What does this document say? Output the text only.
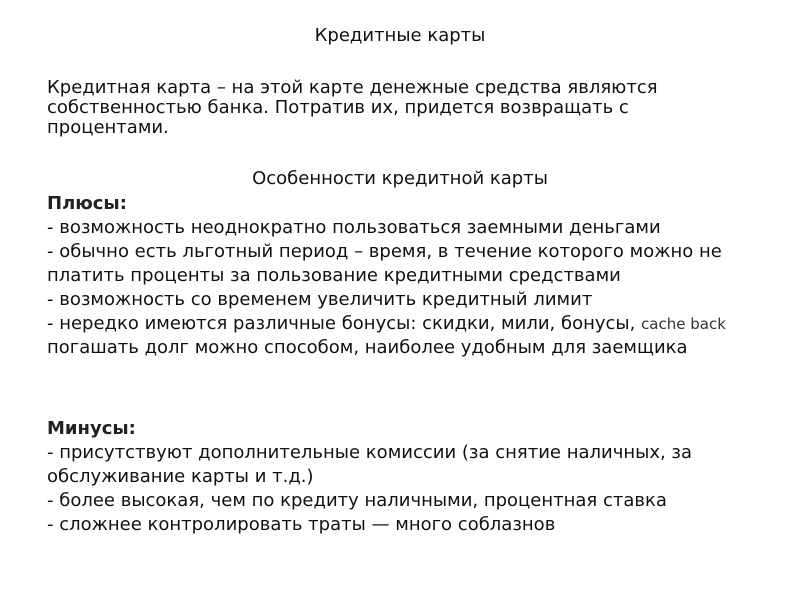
Кредитные карты
Кредитная карта – на этой карте денежные средства являются собственностью банка. Потратив их, придется возвращать с процентами.
Особенности кредитной карты
Плюсы:
- возможность неоднократно пользоваться заемными деньгами
- обычно есть льготный период – время, в течение которого можно не платить проценты за пользование кредитными средствами
- возможность со временем увеличить кредитный лимит
- нередко имеются различные бонусы: скидки, мили, бонусы, cache back
погашать долг можно способом, наиболее удобным для заемщика
Минусы:
- присутствуют дополнительные комиссии (за снятие наличных, за обслуживание карты и т.д.)
- более высокая, чем по кредиту наличными, процентная ставка
- сложнее контролировать траты — много соблазнов
